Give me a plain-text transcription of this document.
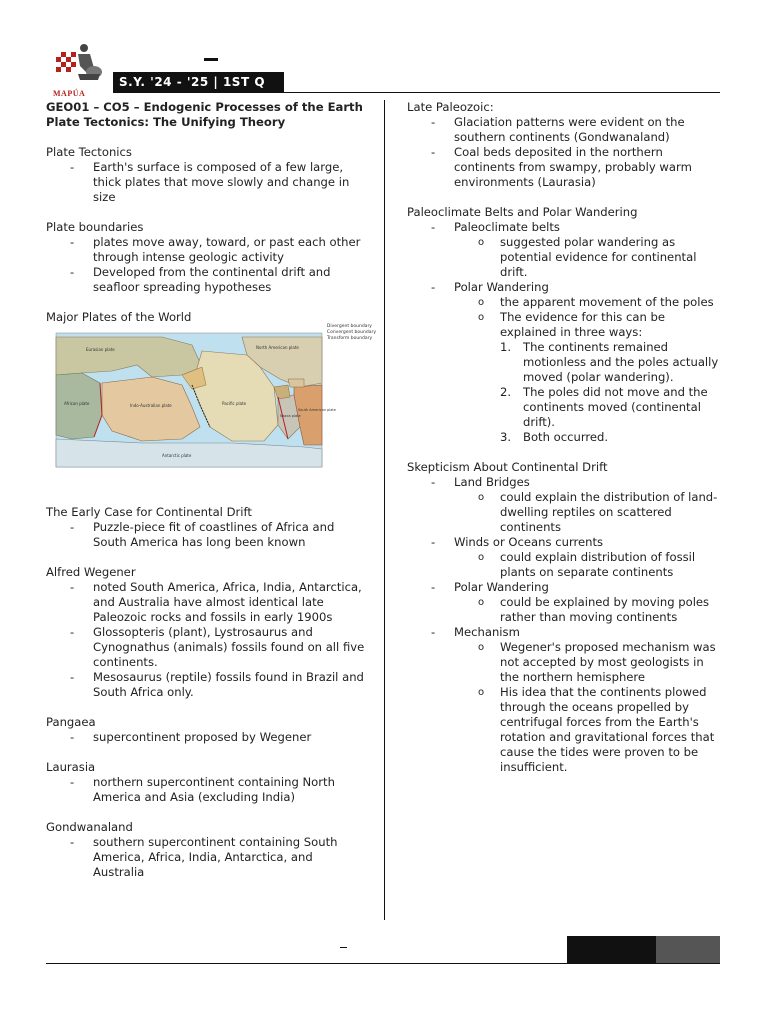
MAPÚA
S.Y. '24 - '25 | 1ST Q
GEO01 – CO5 – Endogenic Processes of the Earth
Plate Tectonics: The Unifying Theory
Plate Tectonics
- Earth's surface is composed of a few large, thick plates that move slowly and change in size
Plate boundaries
- plates move away, toward, or past each other through intense geologic activity
- Developed from the continental drift and seafloor spreading hypotheses
Major Plates of the World
Eurasian plate	North American plate
Pacific plate
Nazca plate
South American plate
African plate	Indo-Australian plate
Antarctic plate
Divergent boundary
Convergent boundary
Transform boundary
The Early Case for Continental Drift
- Puzzle-piece fit of coastlines of Africa and South America has long been known
Alfred Wegener
- noted South America, Africa, India, Antarctica, and Australia have almost identical late Paleozoic rocks and fossils in early 1900s
- Glossopteris (plant), Lystrosaurus and Cynognathus (animals) fossils found on all five continents.
- Mesosaurus (reptile) fossils found in Brazil and South Africa only.
Pangaea
- supercontinent proposed by Wegener
Laurasia
- northern supercontinent containing North America and Asia (excluding India)
Gondwanaland
- southern supercontinent containing South America, Africa, India, Antarctica, and Australia
Late Paleozoic:
- Glaciation patterns were evident on the southern continents (Gondwanaland)
- Coal beds deposited in the northern continents from swampy, probably warm environments (Laurasia)
Paleoclimate Belts and Polar Wandering
- Paleoclimate belts
o suggested polar wandering as potential evidence for continental drift.
- Polar Wandering
o the apparent movement of the poles
o The evidence for this can be explained in three ways:
1. The continents remained motionless and the poles actually moved (polar wandering).
2. The poles did not move and the continents moved (continental drift).
3. Both occurred.
Skepticism About Continental Drift
- Land Bridges
o could explain the distribution of land-dwelling reptiles on scattered continents
- Winds or Oceans currents
o could explain distribution of fossil plants on separate continents
- Polar Wandering
o could be explained by moving poles rather than moving continents
- Mechanism
o Wegener's proposed mechanism was not accepted by most geologists in the northern hemisphere
o His idea that the continents plowed through the oceans propelled by centrifugal forces from the Earth's rotation and gravitational forces that cause the tides were proven to be insufficient.
